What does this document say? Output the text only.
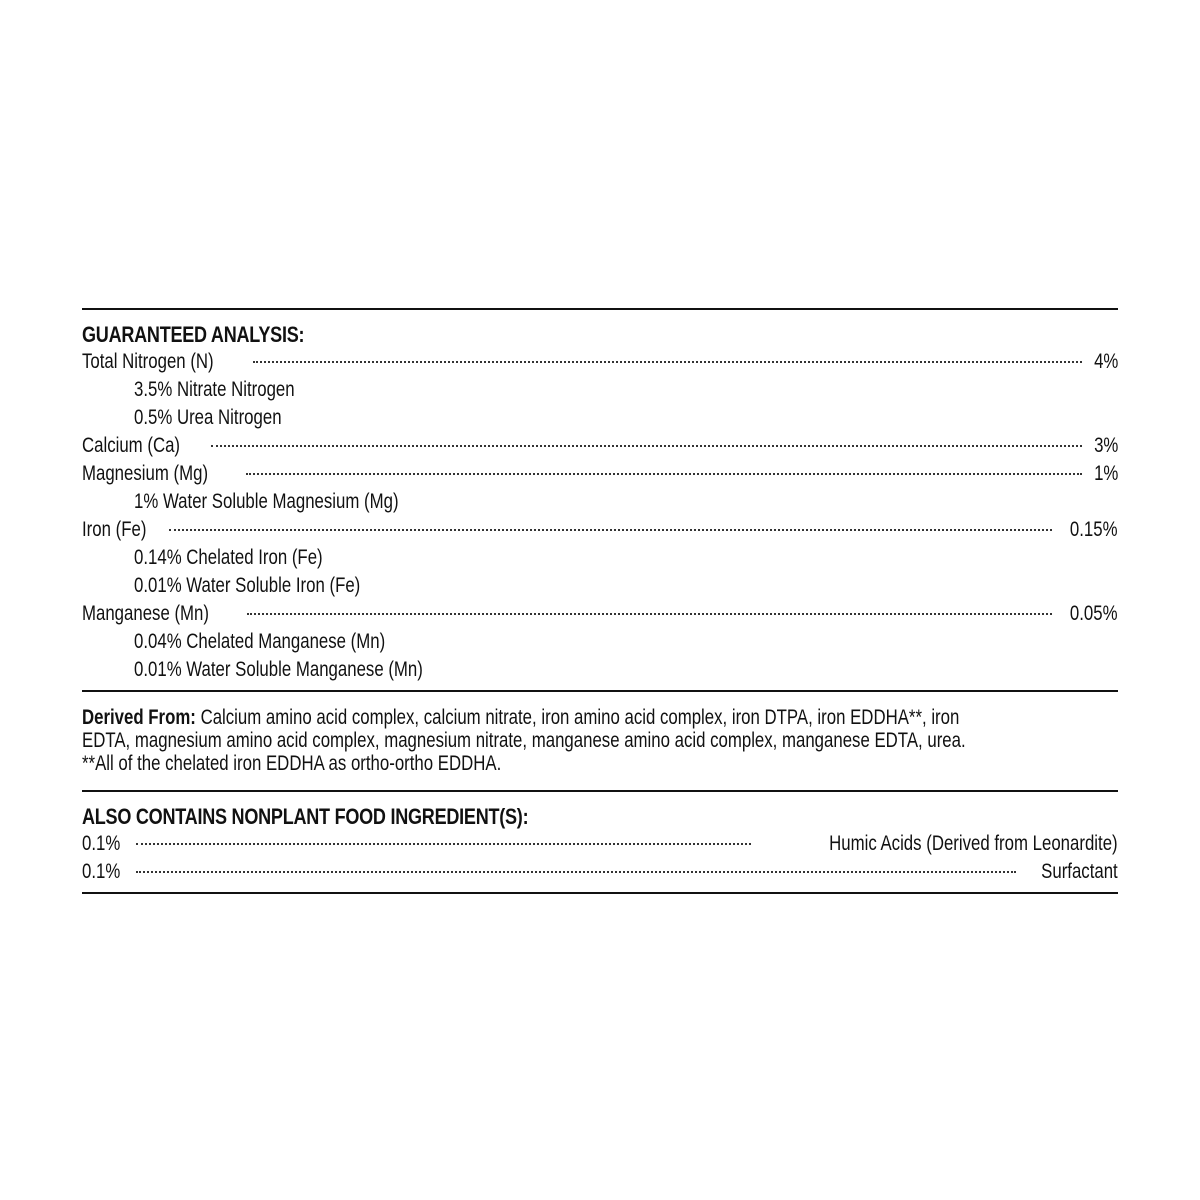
GUARANTEED ANALYSIS:
Total Nitrogen (N)	4%
3.5% Nitrate Nitrogen
0.5% Urea Nitrogen
Calcium (Ca)	3%
Magnesium (Mg)	1%
1% Water Soluble Magnesium (Mg)
Iron (Fe)	0.15%
0.14% Chelated Iron (Fe)
0.01% Water Soluble Iron (Fe)
Manganese (Mn)	0.05%
0.04% Chelated Manganese (Mn)
0.01% Water Soluble Manganese (Mn)
Derived From: Calcium amino acid complex, calcium nitrate, iron amino acid complex, iron DTPA, iron EDDHA**, iron
EDTA, magnesium amino acid complex, magnesium nitrate, manganese amino acid complex, manganese EDTA, urea.
**All of the chelated iron EDDHA as ortho-ortho EDDHA.
ALSO CONTAINS NONPLANT FOOD INGREDIENT(S):
0.1%	Humic Acids (Derived from Leonardite)
0.1%	Surfactant
